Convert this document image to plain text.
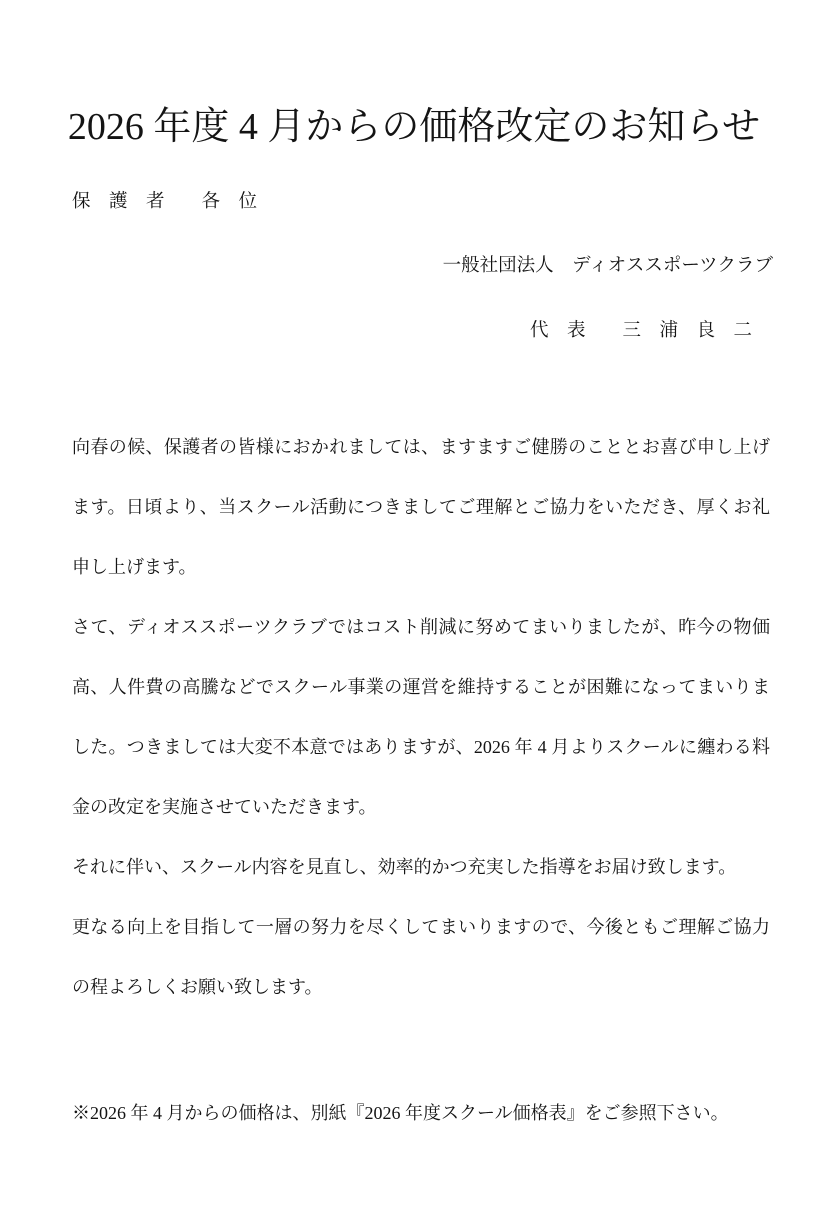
2026 年度 4 月からの価格改定のお知らせ
保　護　者　　各　位
一般社団法人　ディオススポーツクラブ
代　表　　三　浦　良　二
向春の候、保護者の皆様におかれましては、ますますご健勝のこととお喜び申し上げ
ます。日頃より、当スクール活動につきましてご理解とご協力をいただき、厚くお礼
申し上げます。
さて、ディオススポーツクラブではコスト削減に努めてまいりましたが、昨今の物価
高、人件費の高騰などでスクール事業の運営を維持することが困難になってまいりま
した。つきましては大変不本意ではありますが、2026 年 4 月よりスクールに纏わる料
金の改定を実施させていただきます。
それに伴い、スクール内容を見直し、効率的かつ充実した指導をお届け致します。
更なる向上を目指して一層の努力を尽くしてまいりますので、今後ともご理解ご協力
の程よろしくお願い致します。
※2026 年 4 月からの価格は、別紙『2026 年度スクール価格表』をご参照下さい。
